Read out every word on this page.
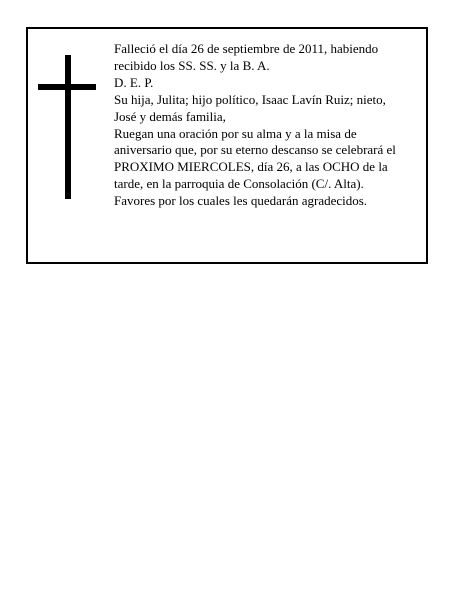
Falleció el día 26 de septiembre de 2011, habiendo
recibido los SS. SS. y la B. A.
D. E. P.
Su hija, Julita; hijo político, Isaac Lavín Ruiz; nieto,
José y demás familia,
Ruegan una oración por su alma y a la misa de
aniversario que, por su eterno descanso se celebrará el
PROXIMO MIERCOLES, día 26, a las OCHO de la
tarde, en la parroquia de Consolación (C/. Alta).
Favores por los cuales les quedarán agradecidos.
